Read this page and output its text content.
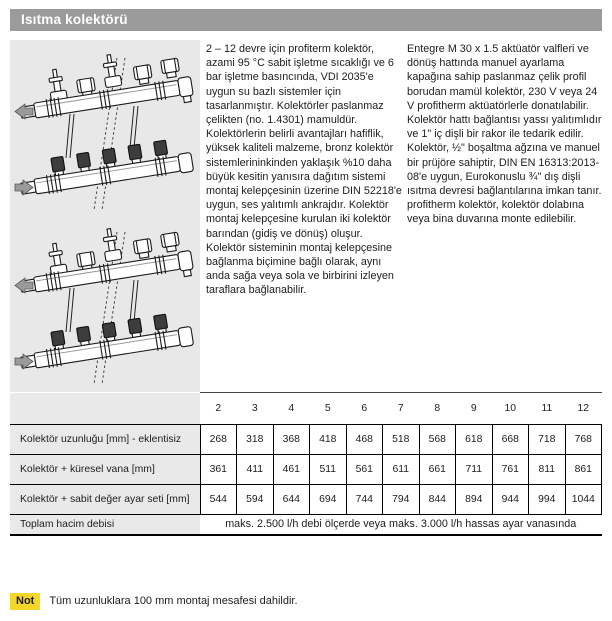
Isıtma kolektörü
2 – 12 devre için profiterm kolektör, azami 95 °C sabit işletme sıcaklığı ve 6 bar işletme basıncında, VDI 2035'e uygun su bazlı sistemler için tasarlanmıştır. Kolektörler paslanmaz çelikten (no. 1.4301) mamuldür. Kolektörlerin belirli avantajları hafiflik, yüksek kaliteli malzeme, bronz kolektör sistemlerininkinden yaklaşık %10 daha büyük kesitin yanısıra dağıtım sistemi montaj kelepçesinin üzerine DIN 52218'e uygun, ses yalıtımlı ankrajdır. Kolektör montaj kelepçesine kurulan iki kolektör barından (gidiş ve dönüş) oluşur. Kolektör sisteminin montaj kelepçesine bağlanma biçimine bağlı olarak, aynı anda sağa veya sola ve birbirini izleyen taraflara bağlanabilir.
Entegre M 30 x 1.5 aktüatör valfleri ve dönüş hattında manuel ayarlama kapağına sahip paslanmaz çelik profil borudan mamül kolektör, 230 V veya 24 V profitherm aktüatörlerle donatılabilir. Kolektör hattı bağlantısı yassı yalıtımlıdır ve 1" iç dişli bir rakor ile tedarik edilir. Kolektör, ½" boşaltma ağzına ve manuel bir prüjöre sahiptir, DIN EN 16313:2013-08'e uygun, Eurokonuslu ¾" dış dişli ısıtma devresi bağlantılarına imkan tanır. profitherm kolektör, kolektör dolabına veya bina duvarına monte edilebilir.
	2	3	4	5	6	7	8	9	10	11	12
Kolektör uzunluğu [mm] - eklentisiz	268	318	368	418	468	518	568	618	668	718	768
Kolektör + küresel vana [mm]	361	411	461	511	561	611	661	711	761	811	861
Kolektör + sabit değer ayar seti [mm]	544	594	644	694	744	794	844	894	944	994	1044
Toplam hacim debisi	maks. 2.500 l/h debi ölçerde veya maks. 3.000 l/h hassas ayar vanasında										
Not Tüm uzunluklara 100 mm montaj mesafesi dahildir.
